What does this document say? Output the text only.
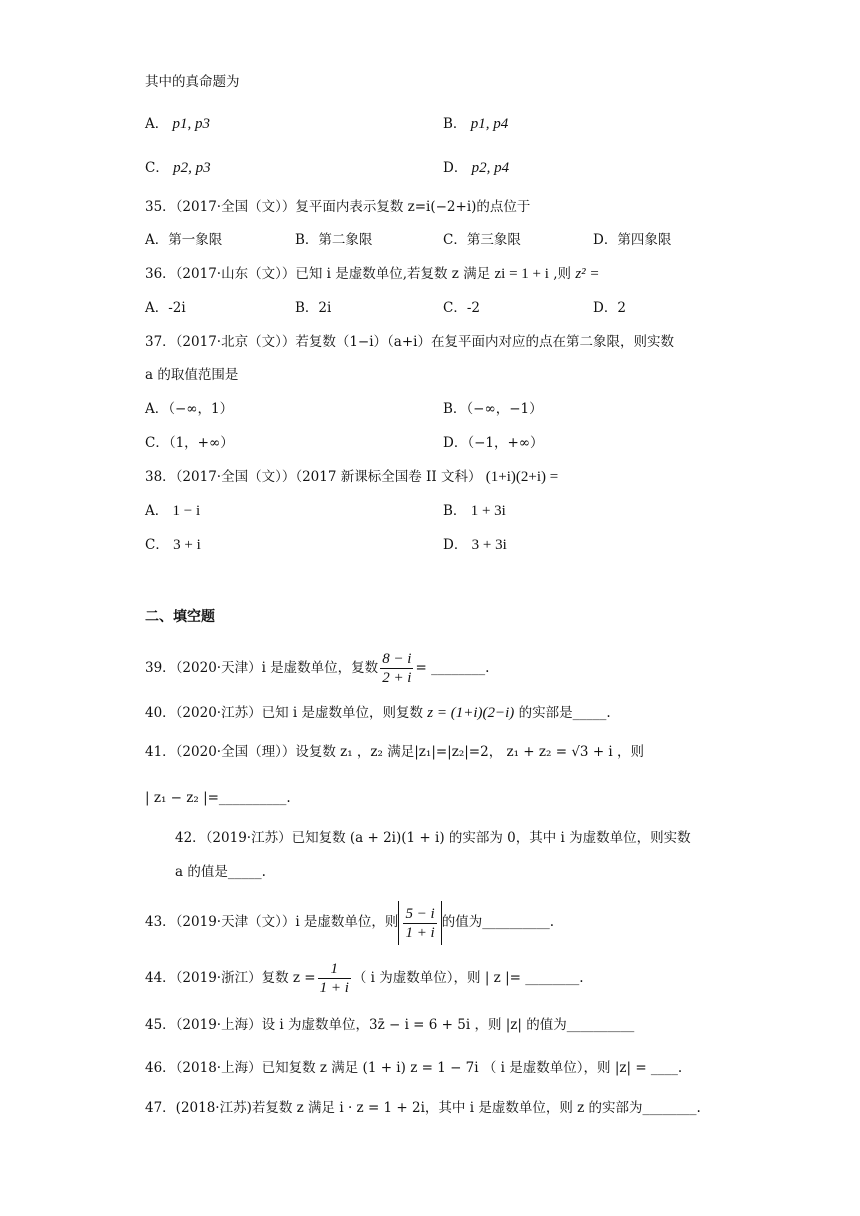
其中的真命题为
A． p1, p3	B． p1, p4
C． p2, p3	D． p2, p4
35．（2017·全国（文））复平面内表示复数 z=i(−2+i)的点位于
A．第一象限	B．第二象限	C．第三象限	D．第四象限
36．（2017·山东（文））已知 i 是虚数单位,若复数 z 满足 zi = 1 + i ,则 z² =
A．-2i	B．2i	C．-2	D．2
37．（2017·北京（文））若复数（1−i）（a+i）在复平面内对应的点在第二象限，则实数
a 的取值范围是
A．（−∞，1）	B．（−∞，−1）
C．（1，+∞）	D．（−1，+∞）
38．（2017·全国（文））（2017 新课标全国卷 II 文科） (1+i)(2+i) =
A． 1 − i	B． 1 + 3i
C． 3 + i	D． 3 + 3i
二、填空题
39．（2020·天津）i 是虚数单位，复数 $\frac{8 - i}{2 + i}$ = ________.
40．（2020·江苏）已知 i 是虚数单位，则复数 z = (1+i)(2−i) 的实部是_____.
41．（2020·全国（理））设复数 z₁ ，z₂ 满足|z₁|=|z₂|=2， z₁ + z₂ = √3 + i ，则
| z₁ − z₂ |=__________.
42．（2019·江苏）已知复数 (a + 2i)(1 + i) 的实部为 0，其中 i 为虚数单位，则实数
a 的值是_____.
43．（2019·天津（文））i 是虚数单位，则 $\frac{5 - i}{1 + i}$ 的值为__________.
44．（2019·浙江）复数 $z = \frac{1}{1 + i}$ （ i 为虚数单位），则 | z |= ________.
45．（2019·上海）设 i 为虚数单位，3z̄ − i = 6 + 5i ，则 |z| 的值为__________
46．（2018·上海）已知复数 z 满足 (1 + i) z = 1 − 7i （ i 是虚数单位），则 |z| = ____.
47．(2018·江苏)若复数 z 满足 i · z = 1 + 2i，其中 i 是虚数单位，则 z 的实部为________.
